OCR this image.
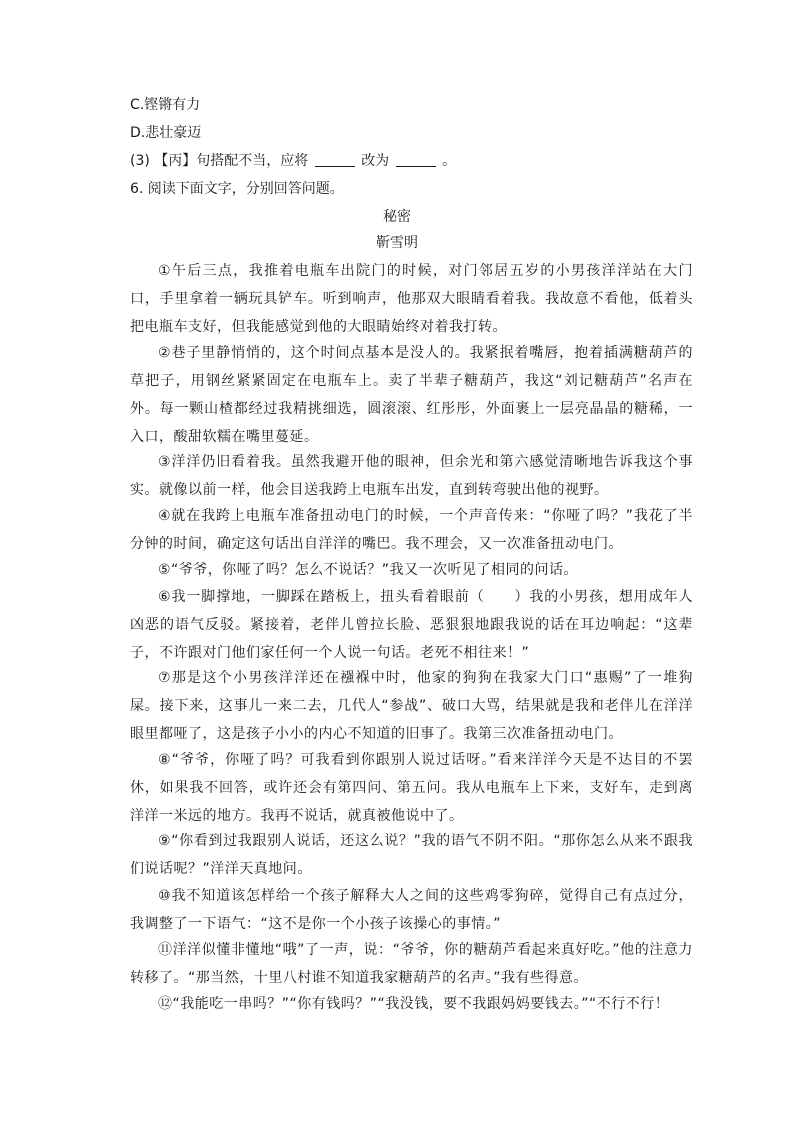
C.铿锵有力
D.悲壮豪迈
(3) 【丙】句搭配不当，应将	改为	。
6. 阅读下面文字，分别回答问题。
秘密
靳雪明
①午后三点，我推着电瓶车出院门的时候，对门邻居五岁的小男孩洋洋站在大门口，手里拿着一辆玩具铲车。听到响声，他那双大眼睛看着我。我故意不看他，低着头把电瓶车支好，但我能感觉到他的大眼睛始终对着我打转。
②巷子里静悄悄的，这个时间点基本是没人的。我紧抿着嘴唇，抱着插满糖葫芦的草把子，用钢丝紧紧固定在电瓶车上。卖了半辈子糖葫芦，我这“刘记糖葫芦”名声在外。每一颗山楂都经过我精挑细选，圆滚滚、红彤彤，外面裹上一层亮晶晶的糖稀，一入口，酸甜软糯在嘴里蔓延。
③洋洋仍旧看着我。虽然我避开他的眼神，但余光和第六感觉清晰地告诉我这个事实。就像以前一样，他会目送我跨上电瓶车出发，直到转弯驶出他的视野。
④就在我跨上电瓶车准备扭动电门的时候，一个声音传来：“你哑了吗？”我花了半分钟的时间，确定这句话出自洋洋的嘴巴。我不理会，又一次准备扭动电门。
⑤“爷爷，你哑了吗？怎么不说话？”我又一次听见了相同的问话。
⑥我一脚撑地，一脚踩在踏板上，扭头看着眼前（　　）我的小男孩，想用成年人凶恶的语气反驳。紧接着，老伴儿曾拉长脸、恶狠狠地跟我说的话在耳边响起：“这辈子，不许跟对门他们家任何一个人说一句话。老死不相往来！”
⑦那是这个小男孩洋洋还在襁褓中时，他家的狗狗在我家大门口“惠赐”了一堆狗屎。接下来，这事儿一来二去，几代人“参战”、破口大骂，结果就是我和老伴儿在洋洋眼里都哑了，这是孩子小小的内心不知道的旧事了。我第三次准备扭动电门。
⑧“爷爷，你哑了吗？可我看到你跟别人说过话呀。”看来洋洋今天是不达目的不罢休，如果我不回答，或许还会有第四问、第五问。我从电瓶车上下来，支好车，走到离洋洋一米远的地方。我再不说话，就真被他说中了。
⑨“你看到过我跟别人说话，还这么说？”我的语气不阴不阳。“那你怎么从来不跟我们说话呢？”洋洋天真地问。
⑩我不知道该怎样给一个孩子解释大人之间的这些鸡零狗碎，觉得自己有点过分，我调整了一下语气：“这不是你一个小孩子该操心的事情。”
⑪洋洋似懂非懂地“哦”了一声，说：“爷爷，你的糖葫芦看起来真好吃。”他的注意力转移了。“那当然，十里八村谁不知道我家糖葫芦的名声。”我有些得意。
⑫“我能吃一串吗？”“你有钱吗？”“我没钱，要不我跟妈妈要钱去。”“不行不行！
